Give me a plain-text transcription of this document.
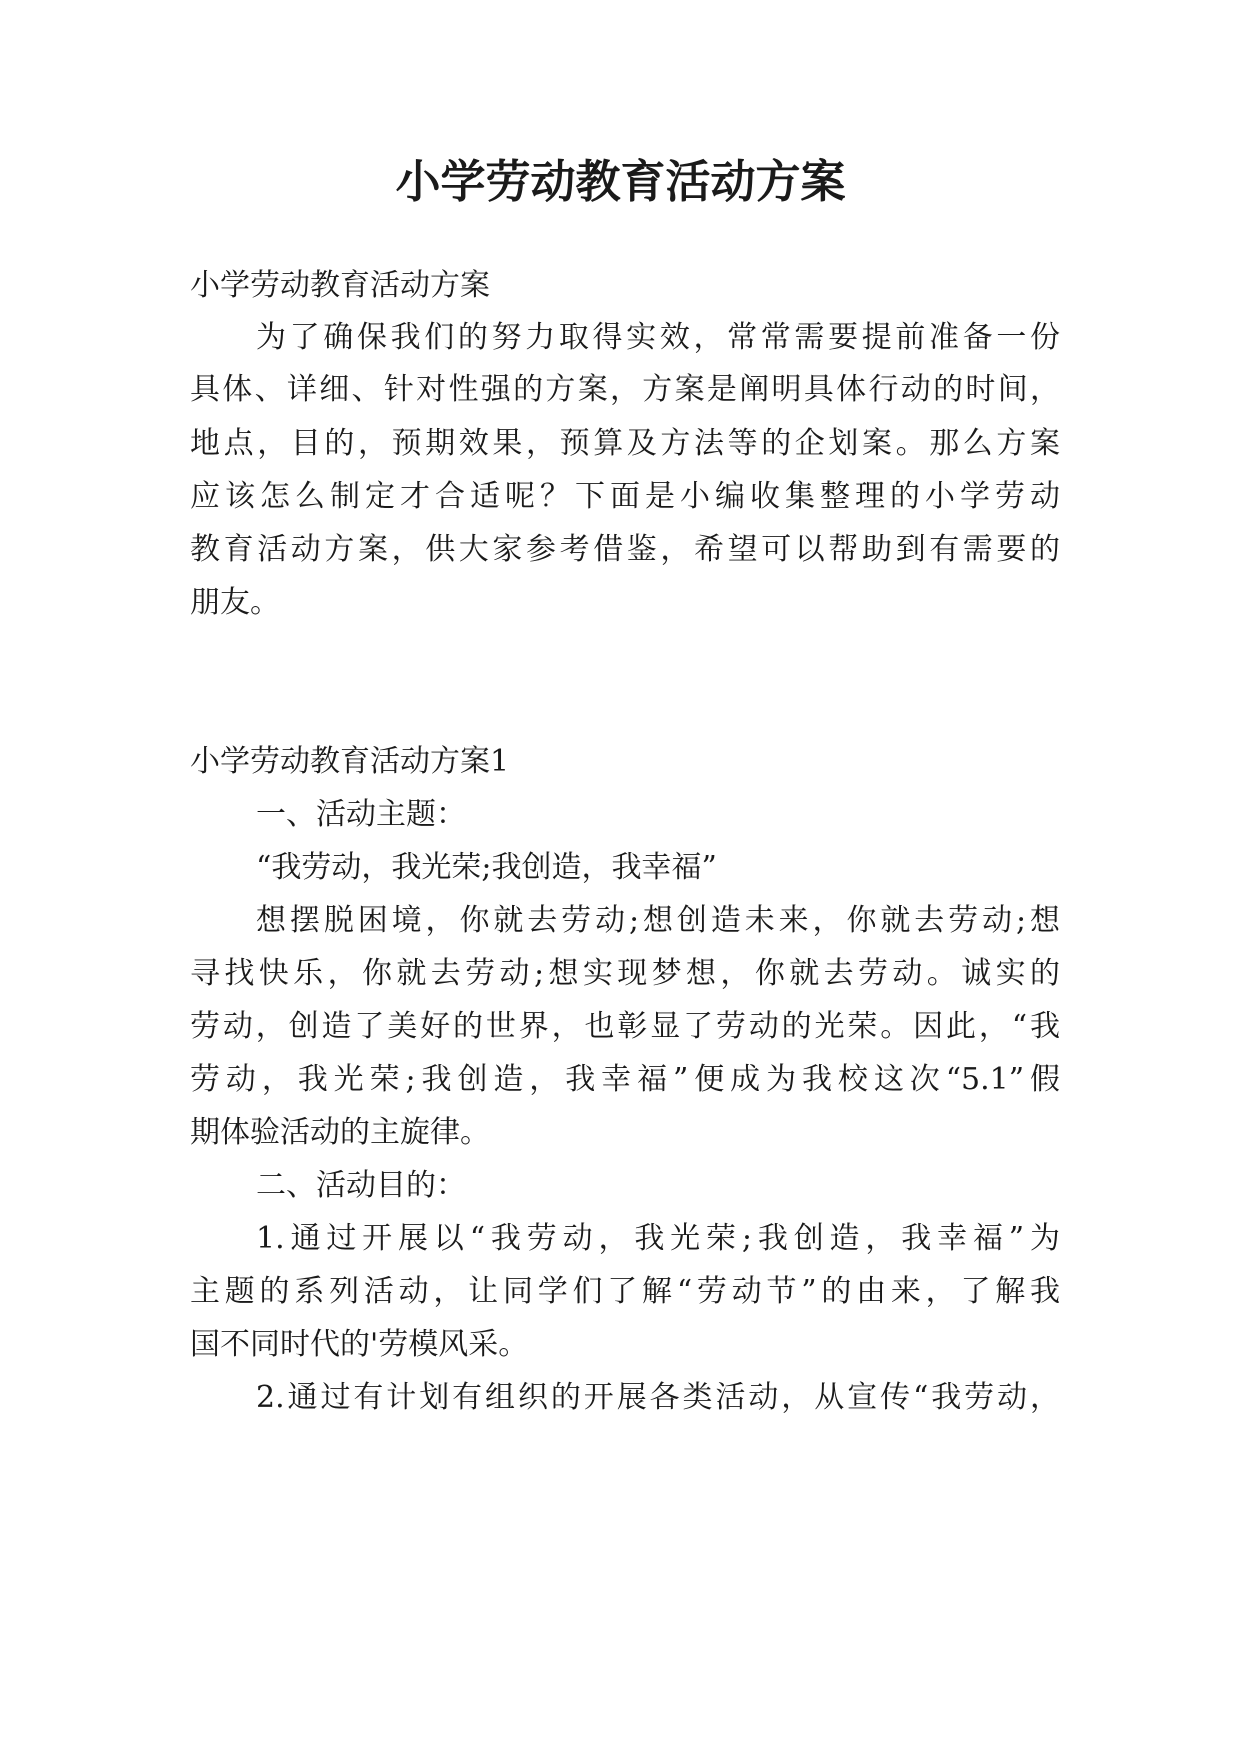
小学劳动教育活动方案

小学劳动教育活动方案

为了确保我们的努力取得实效，常常需要提前准备一份

具体、详细、针对性强的方案，方案是阐明具体行动的时间，

地点，目的，预期效果，预算及方法等的企划案。那么方案

应该怎么制定才合适呢？下面是小编收集整理的小学劳动

教育活动方案，供大家参考借鉴，希望可以帮助到有需要的

朋友。

小学劳动教育活动方案1

一、活动主题：

“我劳动，我光荣;我创造，我幸福”

想摆脱困境，你就去劳动;想创造未来，你就去劳动;想

寻找快乐，你就去劳动;想实现梦想，你就去劳动。诚实的

劳动，创造了美好的世界，也彰显了劳动的光荣。因此，“我

劳动，我光荣;我创造，我幸福”便成为我校这次“5.1”假

期体验活动的主旋律。

二、活动目的：

1.通过开展以“我劳动，我光荣;我创造，我幸福”为

主题的系列活动，让同学们了解“劳动节”的由来，了解我

国不同时代的'劳模风采。

2.通过有计划有组织的开展各类活动，从宣传“我劳动，
